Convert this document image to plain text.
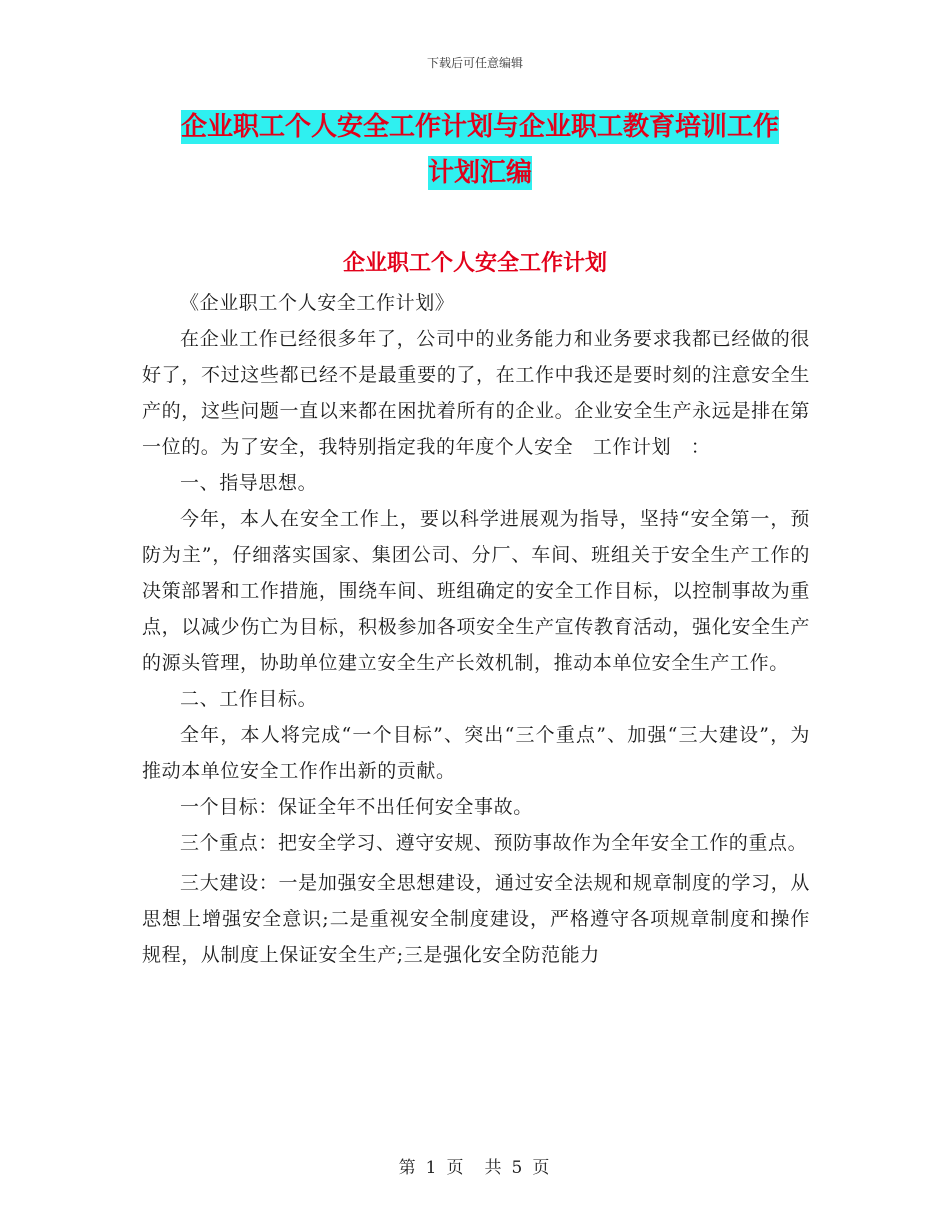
下载后可任意编辑
企业职工个人安全工作计划与企业职工教育培训工作
计划汇编
企业职工个人安全工作计划

《企业职工个人安全工作计划》

在企业工作已经很多年了，公司中的业务能力和业务要求我都已经做的很好了，不过这些都已经不是最重要的了，在工作中我还是要时刻的注意安全生产的，这些问题一直以来都在困扰着所有的企业。企业安全生产永远是排在第一位的。为了安全，我特别指定我的年度个人安全　工作计划　：

一、指导思想。

今年，本人在安全工作上，要以科学进展观为指导，坚持“安全第一，预防为主”，仔细落实国家、集团公司、分厂、车间、班组关于安全生产工作的决策部署和工作措施，围绕车间、班组确定的安全工作目标，以控制事故为重点，以减少伤亡为目标，积极参加各项安全生产宣传教育活动，强化安全生产的源头管理，协助单位建立安全生产长效机制，推动本单位安全生产工作。

二、工作目标。

全年，本人将完成“一个目标”、突出“三个重点”、加强“三大建设”，为推动本单位安全工作作出新的贡献。

一个目标：保证全年不出任何安全事故。

三个重点：把安全学习、遵守安规、预防事故作为全年安全工作的重点。

三大建设：一是加强安全思想建设，通过安全法规和规章制度的学习，从思想上增强安全意识;二是重视安全制度建设，严格遵守各项规章制度和操作规程，从制度上保证安全生产;三是强化安全防范能力

第 1 页　共 5 页
